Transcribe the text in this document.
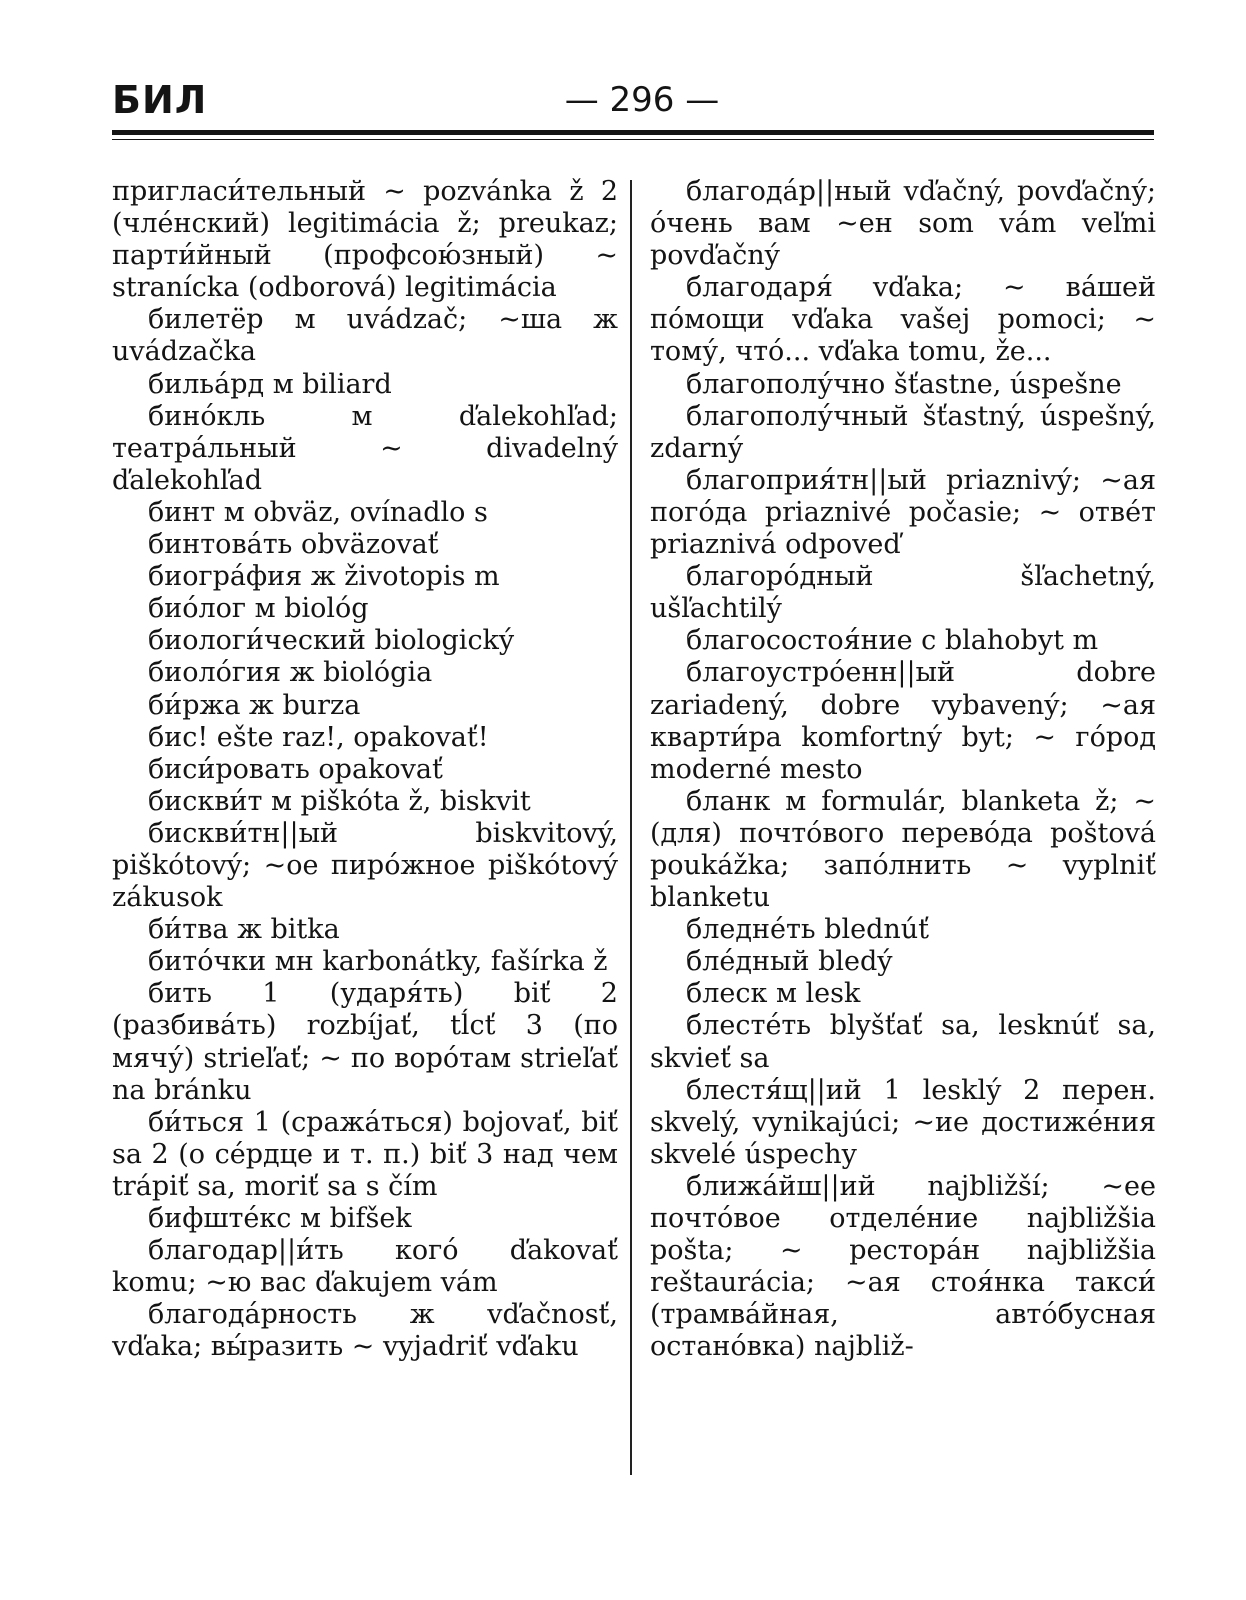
БИЛ	— 296 —

пригласи́тельный ~ pozvánka ž 2 (чле́нский) legitimácia ž; preukaz; парти́йный (профсою́зный) ~ stranícka (odborová) legitimácia

билетёр м uvádzač; ~ша ж uvádzačka

бильа́рд м biliard

бино́кль м ďalekohľad; театра́льный ~ divadelný ďalekohľad

бинт м obväz, ovínadlo s

бинтова́ть obväzovať

биогра́фия ж životopis m

био́лог м biológ

биологи́ческий biologický

биоло́гия ж biológia

би́ржа ж burza

бис! ešte raz!, opakovať!

биси́ровать opakovať

бискви́т м piškóta ž, biskvit

бискви́тн||ый biskvitový, piškótový; ~ое пиро́жное piškótový zákusok

би́тва ж bitka

бито́чки мн karbonátky, fašírka ž

бить 1 (ударя́ть) biť 2 (разбива́ть) rozbíjať, tĺcť 3 (по мячу́) strieľať; ~ по воро́там strieľať na bránku

би́ться 1 (сража́ться) bojovať, biť sa 2 (о се́рдце и т. п.) biť 3 над чем trápiť sa, moriť sa s čím

бифште́кс м bifšek

благодар||и́ть кого́ ďakovať komu; ~ю вас ďakujem vám

благода́рность ж vďačnosť, vďaka; вы́разить ~ vyjadriť vďaku

благода́р||ный vďačný, povďačný; о́чень вам ~ен som vám veľmi povďačný

благодаря́ vďaka; ~ ва́шей по́мощи vďaka vašej pomoci; ~ тому́, что́... vďaka tomu, že...

благополу́чно šťastne, úspešne

благополу́чный šťastný, úspešný, zdarný

благоприя́тн||ый priaznivý; ~ая пого́да priaznivé počasie; ~ отве́т priaznivá odpoveď

благоро́дный šľachetný, ušľachtilý

благосостоя́ние с blahobyt m

благоустро́енн||ый dobre zariadený, dobre vybavený; ~ая кварти́ра komfortný byt; ~ го́род moderné mesto

бланк м formulár, blanketa ž; ~ (для) почто́вого перево́да poštová poukážka; запо́лнить ~ vyplniť blanketu

бледне́ть blednúť

бле́дный bledý

блеск м lesk

блесте́ть blyšťať sa, lesknúť sa, skvieť sa

блестя́щ||ий 1 lesklý 2 перен. skvelý, vynikajúci; ~ие достиже́ния skvelé úspechy

ближа́йш||ий najbližší; ~ее почто́вое отделе́ние najbližšia pošta; ~ рестора́н najbližšia reštaurácia; ~ая стоя́нка такси́ (трамва́йная, авто́бусная остано́вка) najbliž-
